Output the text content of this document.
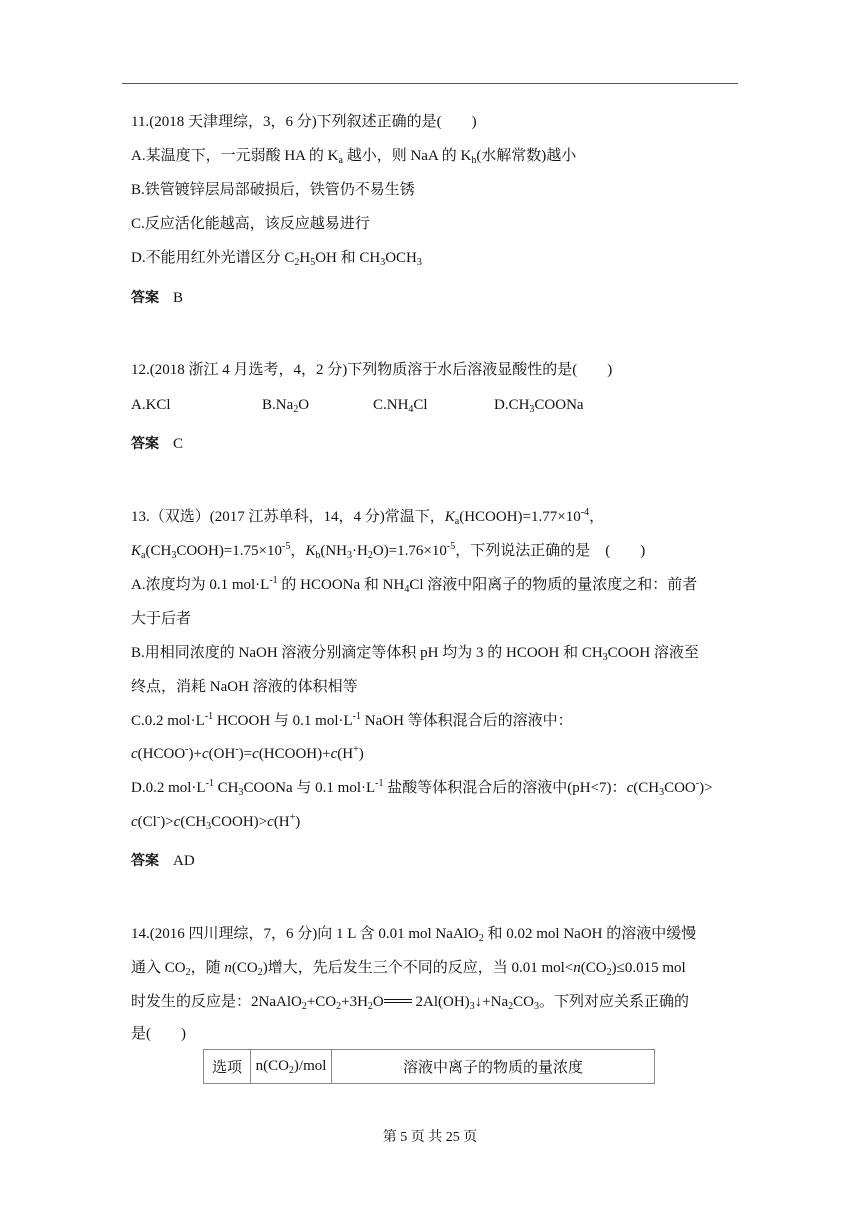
11.(2018 天津理综，3，6 分)下列叙述正确的是(　　)
A.某温度下，一元弱酸 HA 的 $K_a$ 越小，则 NaA 的 $K_h$(水解常数)越小
B.铁管镀锌层局部破损后，铁管仍不易生锈
C.反应活化能越高，该反应越易进行
D.不能用红外光谱区分 $C_2H_5OH$ 和 $CH_3OCH_3$
答案 B
12.(2018 浙江 4 月选考，4，2 分)下列物质溶于水后溶液显酸性的是(　　)
A.KCl	$B.Na_2O$	$C.NH_4Cl$	$D.CH_3COONa$
答案 C
13.（双选）(2017 江苏单科，14，4 分)常温下，$K_a(HCOOH)=1.77\times 10^{-4}$，
$K_a(CH_3COOH)=1.75\times 10^{-5}$，$K_b(NH_3\cdot H_2O)=1.76\times 10^{-5}$，下列说法正确的是　(　　)
A.浓度均为 0.1 $mol\cdot L^{-1}$ 的 HCOONa 和 $NH_4Cl$ 溶液中阳离子的物质的量浓度之和：前者
大于后者
B.用相同浓度的 NaOH 溶液分别滴定等体积 pH 均为 3 的 HCOOH 和 $CH_3COOH$ 溶液至
终点，消耗 NaOH 溶液的体积相等
C.0.2 $mol\cdot L^{-1}$ HCOOH 与 0.1 $mol\cdot L^{-1}$ NaOH 等体积混合后的溶液中：
c(HCOO-)+c(OH-)=c(HCOOH)+c(H+)
D.0.2 $mol\cdot L^{-1}$ $CH_3COONa$ 与 0.1 $mol\cdot L^{-1}$ 盐酸等体积混合后的溶液中(pH<7)：$c(CH_3COO^-)>$
$c(Cl^-)>c(CH_3COOH)>c(H^+)$
答案 AD
14.(2016 四川理综，7，6 分)向 1 L 含 0.01 mol NaAlO$_2$ 和 0.02 mol NaOH 的溶液中缓慢
通入 $CO_2$，随 $n(CO_2)$增大，先后发生三个不同的反应，当 0.01 $mol<n(CO_2)\le 0.015$ mol
时发生的反应是：$2NaAlO_2+CO_2+3H_2O$ $2Al(OH)_3↓+Na_2CO_3$。下列对应关系正确的
是(　　)
选项	$n(CO_2)$/mol	溶液中离子的物质的量浓度
第 5 页 共 25 页
